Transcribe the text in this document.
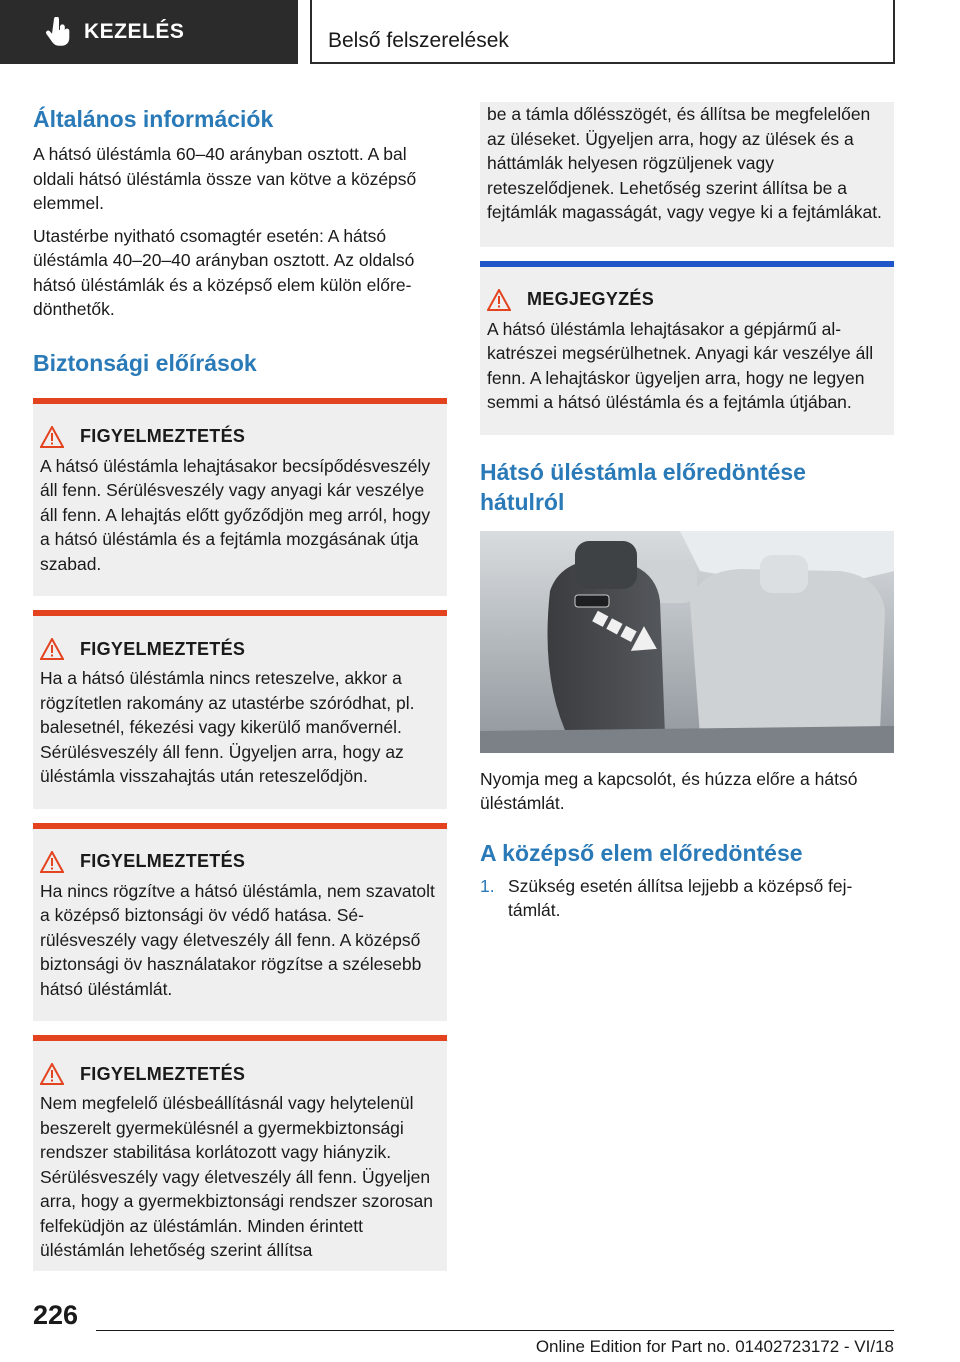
KEZELÉS	Belső felszerelések
Általános információk

A hátsó üléstámla 60–40 arányban osztott. A bal oldali hátsó üléstámla össze van kötve a középső elemmel.

Utastérbe nyitható csomagtér esetén: A hátsó üléstámla 40–20–40 arányban osztott. Az oldalsó hátsó üléstámlák és a középső elem külön előredönthetők.

Biztonsági előírások
FIGYELMEZTETÉS

A hátsó üléstámla lehajtásakor becsípődésveszély áll fenn. Sérülésveszély vagy anyagi kár veszélye áll fenn. A lehajtás előtt győződjön meg arról, hogy a hátsó üléstámla és a fejtámla mozgásának útja szabad.

FIGYELMEZTETÉS

Ha a hátsó üléstámla nincs reteszelve, akkor a rögzítetlen rakomány az utastérbe szóródhat, pl. balesetnél, fékezési vagy kikerülő manővernél. Sérülésveszély áll fenn. Ügyeljen arra, hogy az üléstámla visszahajtás után reteszelődjön.

FIGYELMEZTETÉS

Ha nincs rögzítve a hátsó üléstámla, nem szavatolt a középső biztonsági öv védő hatása. Sérülésveszély vagy életveszély áll fenn. A középső biztonsági öv használatakor rögzítse a szélesebb hátsó üléstámlát.

FIGYELMEZTETÉS

Nem megfelelő ülésbeállításnál vagy helytelenül beszerelt gyermekülésnél a gyermekbiztonsági rendszer stabilitása korlátozott vagy hiányzik. Sérülésveszély vagy életveszély áll fenn. Ügyeljen arra, hogy a gyermekbiztonsági rendszer szorosan felfeküdjön az üléstámlán. Minden érintett üléstámlán lehetőség szerint állítsa

be a támla dőlésszögét, és állítsa be megfelelően az üléseket. Ügyeljen arra, hogy az ülések és a háttámlák helyesen rögzüljenek vagy reteszelődjenek. Lehetőség szerint állítsa be a fejtámlák magasságát, vagy vegye ki a fejtámlákat.

MEGJEGYZÉS

A hátsó üléstámla lehajtásakor a gépjármű alkatrészei megsérülhetnek. Anyagi kár veszélye áll fenn. A lehajtáskor ügyeljen arra, hogy ne legyen semmi a hátsó üléstámla és a fejtámla útjában.

Hátsó üléstámla előredöntése hátulról

Nyomja meg a kapcsolót, és húzza előre a hátsó üléstámlát.

A középső elem előredöntése
1. Szükség esetén állítsa lejjebb a középső fejtámlát.
226
Online Edition for Part no. 01402723172 - VI/18
